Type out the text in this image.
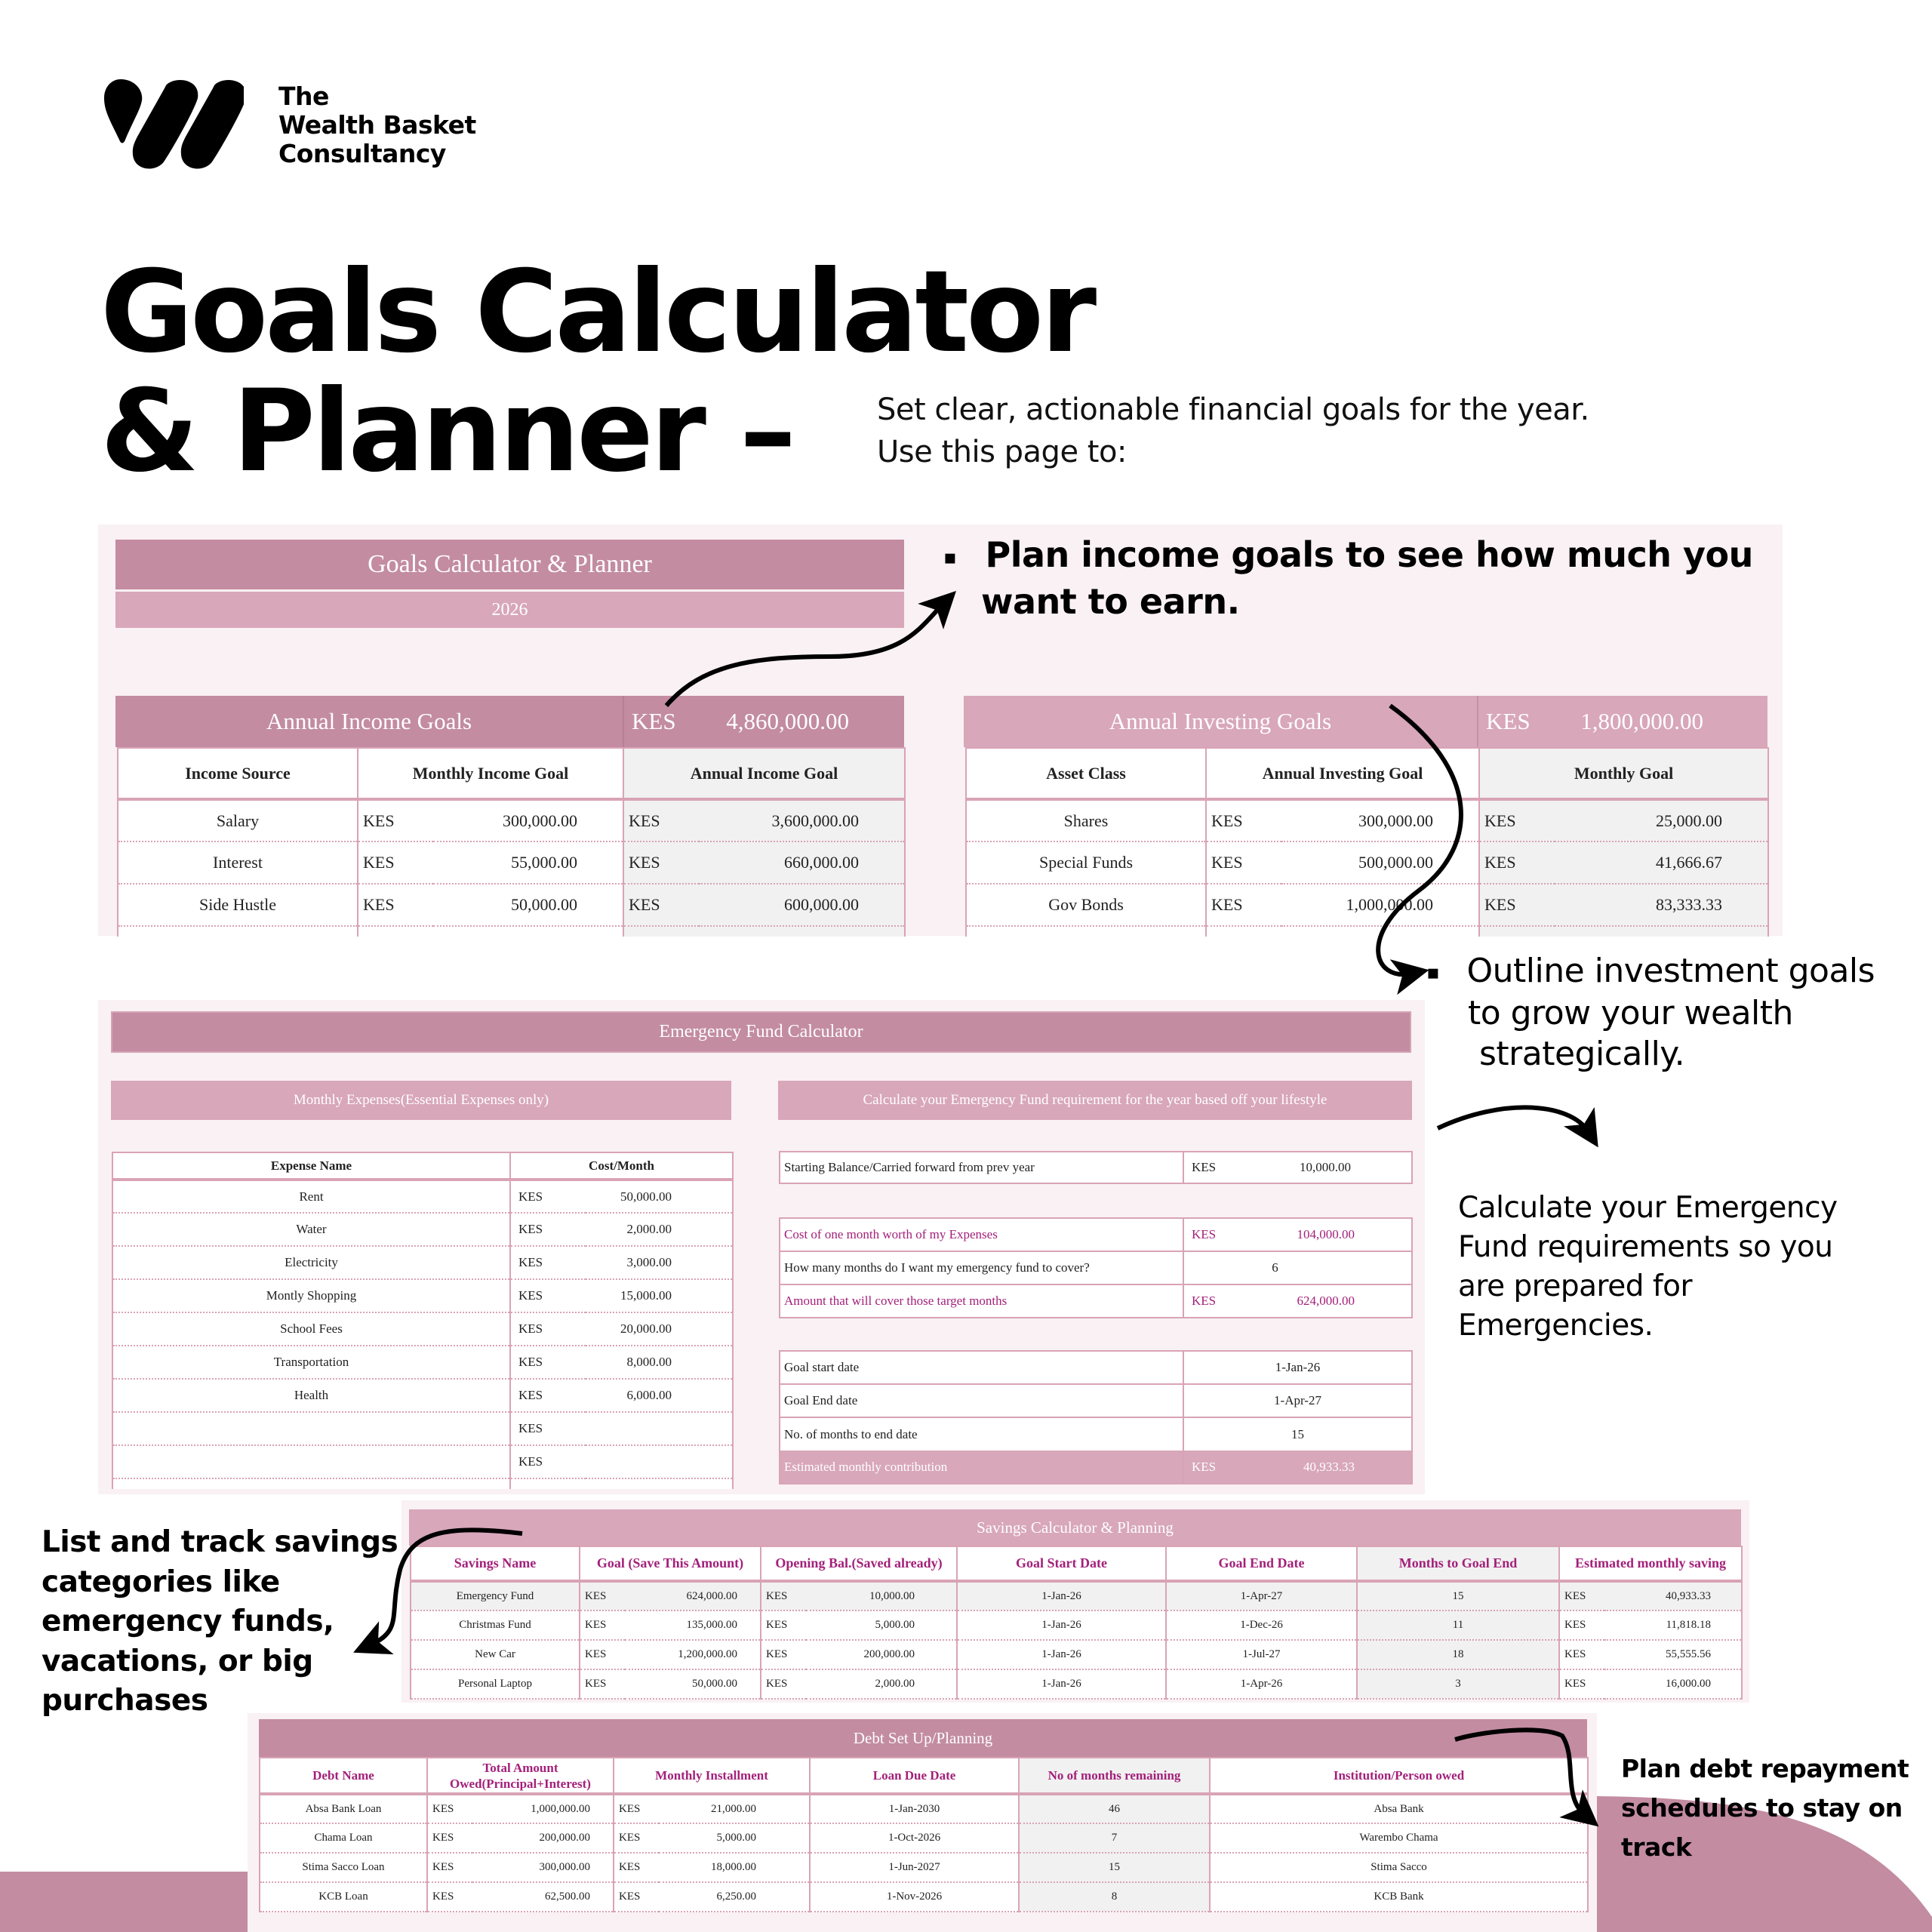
The
Wealth Basket
Consultancy
Goals Calculator
& Planner –	Set clear, actionable financial goals for the year.
Use this page to:
Goals Calculator & Planner
2026
Annual Income Goals	KES	4,860,000.00
Income Source	Monthly Income Goal		Annual Income Goal	
Salary	KES	300,000.00	KES	3,600,000.00
Interest	KES	55,000.00	KES	660,000.00
Side Hustle	KES	50,000.00	KES	600,000.00

Annual Investing Goals	KES	1,800,000.00
Asset Class	Annual Investing Goal		Monthly Goal	
Shares	KES	300,000.00	KES	25,000.00
Special Funds	KES	500,000.00	KES	41,666.67
Gov Bonds	KES	1,000,000.00	KES	83,333.33

▪ Plan income goals to see how much you
want to earn.
Emergency Fund Calculator
Monthly Expenses(Essential Expenses only)	Calculate your Emergency Fund requirement for the year based off your lifestyle
Expense Name	Cost/Month	
Rent	KES	50,000.00
Water	KES	2,000.00
Electricity	KES	3,000.00
Montly Shopping	KES	15,000.00
School Fees	KES	20,000.00
Transportation	KES	8,000.00
Health	KES	6,000.00
	KES	
	KES	

Starting Balance/Carried forward from prev year	KES	10,000.00
Cost of one month worth of my Expenses	KES	104,000.00
How many months do I want my emergency fund to cover?	6	
Amount that will cover those target months	KES	624,000.00
Goal start date	1-Jan-26	
Goal End date	1-Apr-27	
No. of months to end date	15	
Estimated monthly contribution	KES	40,933.33
▪ Outline investment goals
to grow your wealth
strategically.
Calculate your Emergency
Fund requirements so you
are prepared for
Emergencies.
Savings Calculator & Planning
Savings Name	Goal (Save This Amount)		Opening Bal.(Saved already)		Goal Start Date	Goal End Date	Months to Goal End	Estimated monthly saving	
Emergency Fund	KES	624,000.00	KES	10,000.00	1-Jan-26	1-Apr-27	15	KES	40,933.33
Christmas Fund	KES	135,000.00	KES	5,000.00	1-Jan-26	1-Dec-26	11	KES	11,818.18
New Car	KES	1,200,000.00	KES	200,000.00	1-Jan-26	1-Jul-27	18	KES	55,555.56
Personal Laptop	KES	50,000.00	KES	2,000.00	1-Jan-26	1-Apr-26	3	KES	16,000.00
List and track savings
categories like
emergency funds,
vacations, or big
purchases
Debt Set Up/Planning
Debt Name	Total Amount Owed(Principal+Interest)		Monthly Installment		Loan Due Date	No of months remaining	Institution/Person owed
Absa Bank Loan	KES	1,000,000.00	KES	21,000.00	1-Jan-2030	46	Absa Bank
Chama Loan	KES	200,000.00	KES	5,000.00	1-Oct-2026	7	Warembo Chama
Stima Sacco Loan	KES	300,000.00	KES	18,000.00	1-Jun-2027	15	Stima Sacco
KCB Loan	KES	62,500.00	KES	6,250.00	1-Nov-2026	8	KCB Bank
Plan debt repayment
schedules to stay on
track
